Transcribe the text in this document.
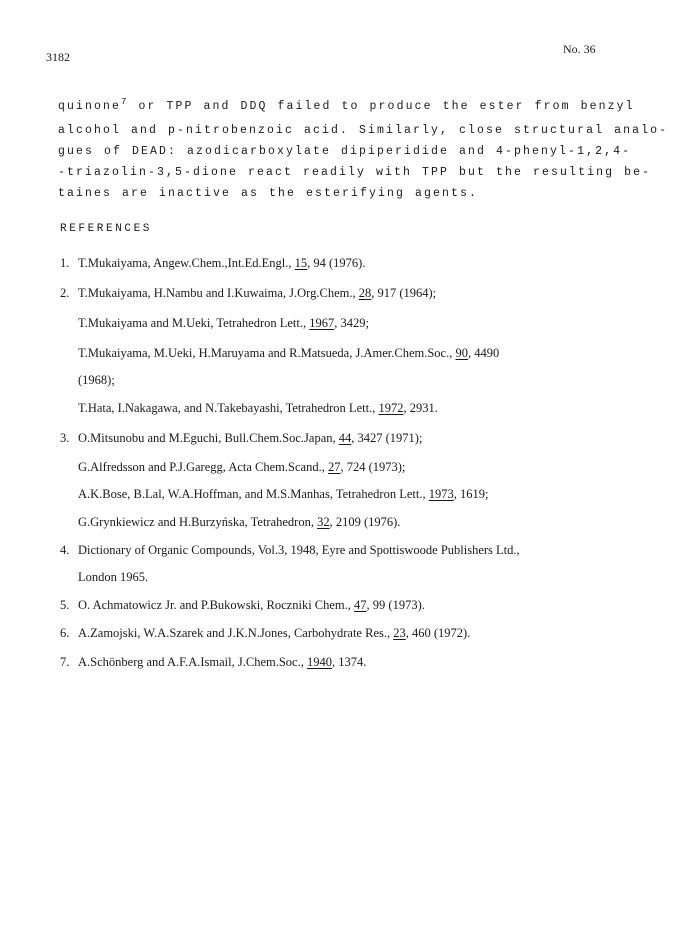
3182
No. 36
quinone$^7$ or TPP and DDQ failed to produce the ester from benzyl
alcohol and p-nitrobenzoic acid. Similarly, close structural analo-
gues of DEAD: azodicarboxylate dipiperidide and 4-phenyl-1,2,4-
-triazolin-3,5-dione react readily with TPP but the resulting be-
taines are inactive as the esterifying agents.
REFERENCES
1. T.Mukaiyama, Angew.Chem.,Int.Ed.Engl., 15, 94 (1976).
2. T.Mukaiyama, H.Nambu and I.Kuwaima, J.Org.Chem., 28, 917 (1964);
T.Mukaiyama and M.Ueki, Tetrahedron Lett., 1967, 3429;
T.Mukaiyama, M.Ueki, H.Maruyama and R.Matsueda, J.Amer.Chem.Soc., 90, 4490
(1968);
T.Hata, I.Nakagawa, and N.Takebayashi, Tetrahedron Lett., 1972, 2931.
3. O.Mitsunobu and M.Eguchi, Bull.Chem.Soc.Japan, 44, 3427 (1971);
G.Alfredsson and P.J.Garegg, Acta Chem.Scand., 27, 724 (1973);
A.K.Bose, B.Lal, W.A.Hoffman, and M.S.Manhas, Tetrahedron Lett., 1973, 1619;
G.Grynkiewicz and H.Burzyńska, Tetrahedron, 32, 2109 (1976).
4. Dictionary of Organic Compounds, Vol.3, 1948, Eyre and Spottiswoode Publishers Ltd.,
London 1965.
5. O. Achmatowicz Jr. and P.Bukowski, Roczniki Chem., 47, 99 (1973).
6. A.Zamojski, W.A.Szarek and J.K.N.Jones, Carbohydrate Res., 23, 460 (1972).
7. A.Schönberg and A.F.A.Ismail, J.Chem.Soc., 1940, 1374.
